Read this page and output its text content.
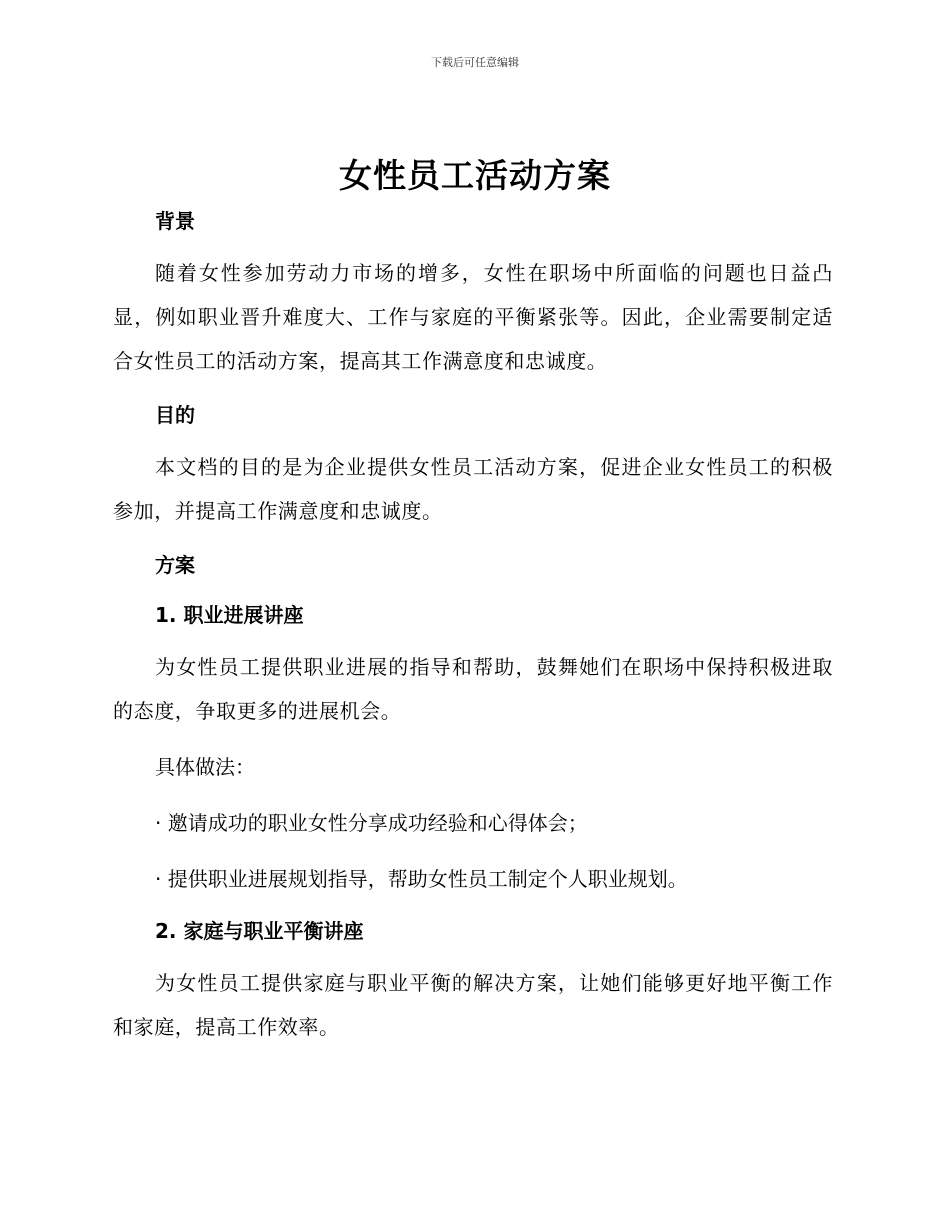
下载后可任意编辑
女性员工活动方案

背景

随着女性参加劳动力市场的增多，女性在职场中所面临的问题也日益凸显，例如职业晋升难度大、工作与家庭的平衡紧张等。因此，企业需要制定适合女性员工的活动方案，提高其工作满意度和忠诚度。

目的

本文档的目的是为企业提供女性员工活动方案，促进企业女性员工的积极参加，并提高工作满意度和忠诚度。

方案

1. 职业进展讲座

为女性员工提供职业进展的指导和帮助，鼓舞她们在职场中保持积极进取的态度，争取更多的进展机会。

具体做法：

· 邀请成功的职业女性分享成功经验和心得体会；

· 提供职业进展规划指导，帮助女性员工制定个人职业规划。

2. 家庭与职业平衡讲座

为女性员工提供家庭与职业平衡的解决方案，让她们能够更好地平衡工作和家庭，提高工作效率。
